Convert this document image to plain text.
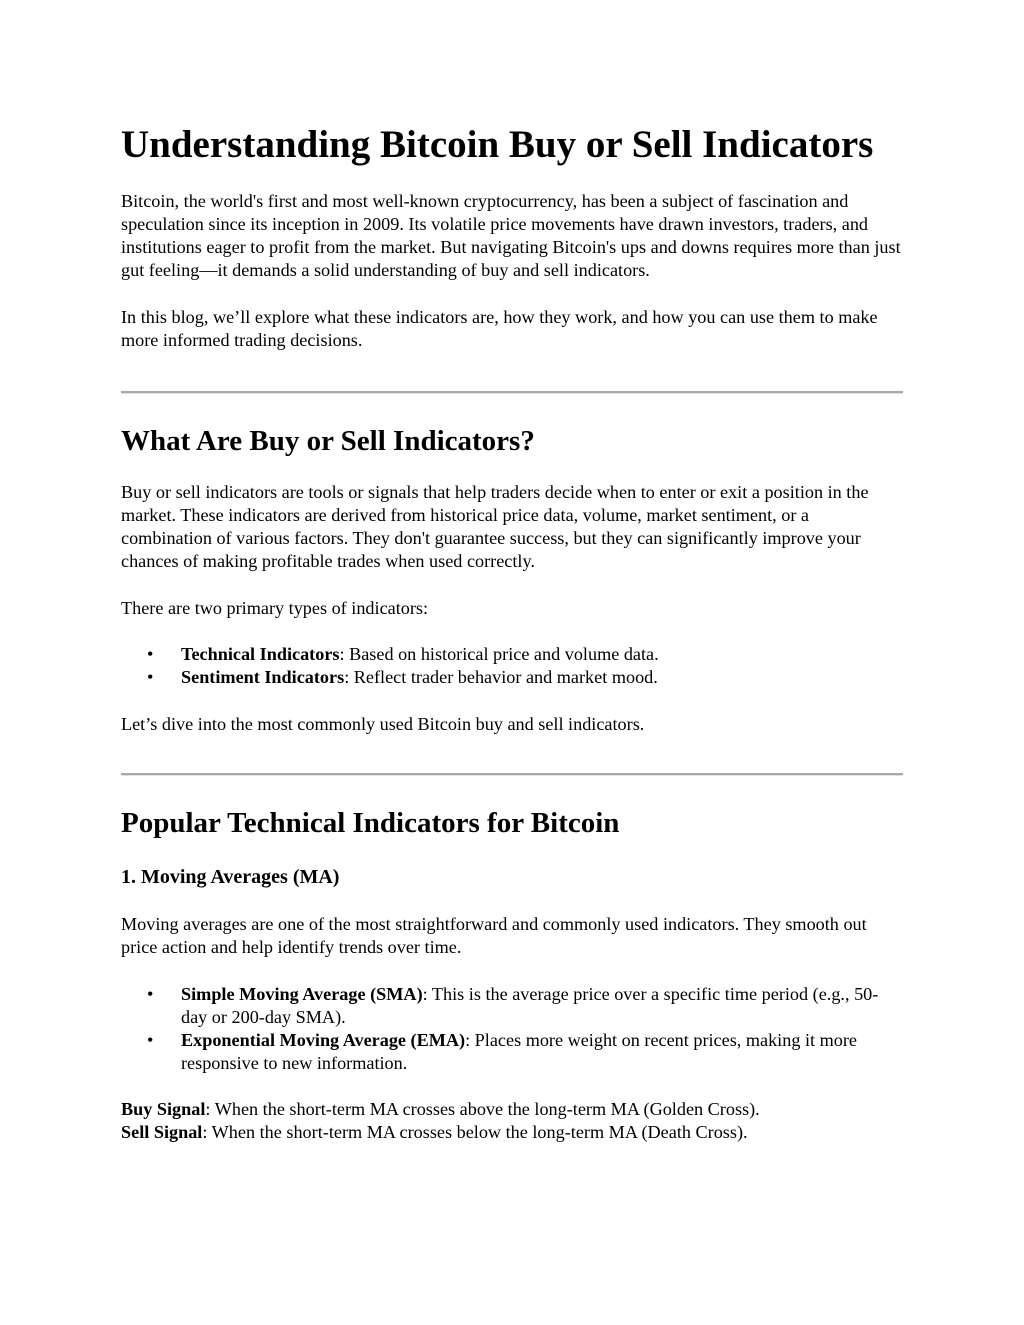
Understanding Bitcoin Buy or Sell Indicators

Bitcoin, the world's first and most well-known cryptocurrency, has been a subject of fascination and speculation since its inception in 2009. Its volatile price movements have drawn investors, traders, and institutions eager to profit from the market. But navigating Bitcoin's ups and downs requires more than just gut feeling—it demands a solid understanding of buy and sell indicators.

In this blog, we’ll explore what these indicators are, how they work, and how you can use them to make more informed trading decisions.

What Are Buy or Sell Indicators?

Buy or sell indicators are tools or signals that help traders decide when to enter or exit a position in the market. These indicators are derived from historical price data, volume, market sentiment, or a combination of various factors. They don't guarantee success, but they can significantly improve your chances of making profitable trades when used correctly.

There are two primary types of indicators:

• Technical Indicators: Based on historical price and volume data.
• Sentiment Indicators: Reflect trader behavior and market mood.

Let’s dive into the most commonly used Bitcoin buy and sell indicators.

Popular Technical Indicators for Bitcoin
1. Moving Averages (MA)

Moving averages are one of the most straightforward and commonly used indicators. They smooth out price action and help identify trends over time.

• Simple Moving Average (SMA): This is the average price over a specific time period (e.g., 50-day or 200-day SMA).
• Exponential Moving Average (EMA): Places more weight on recent prices, making it more responsive to new information.

Buy Signal: When the short-term MA crosses above the long-term MA (Golden Cross).
Sell Signal: When the short-term MA crosses below the long-term MA (Death Cross).
